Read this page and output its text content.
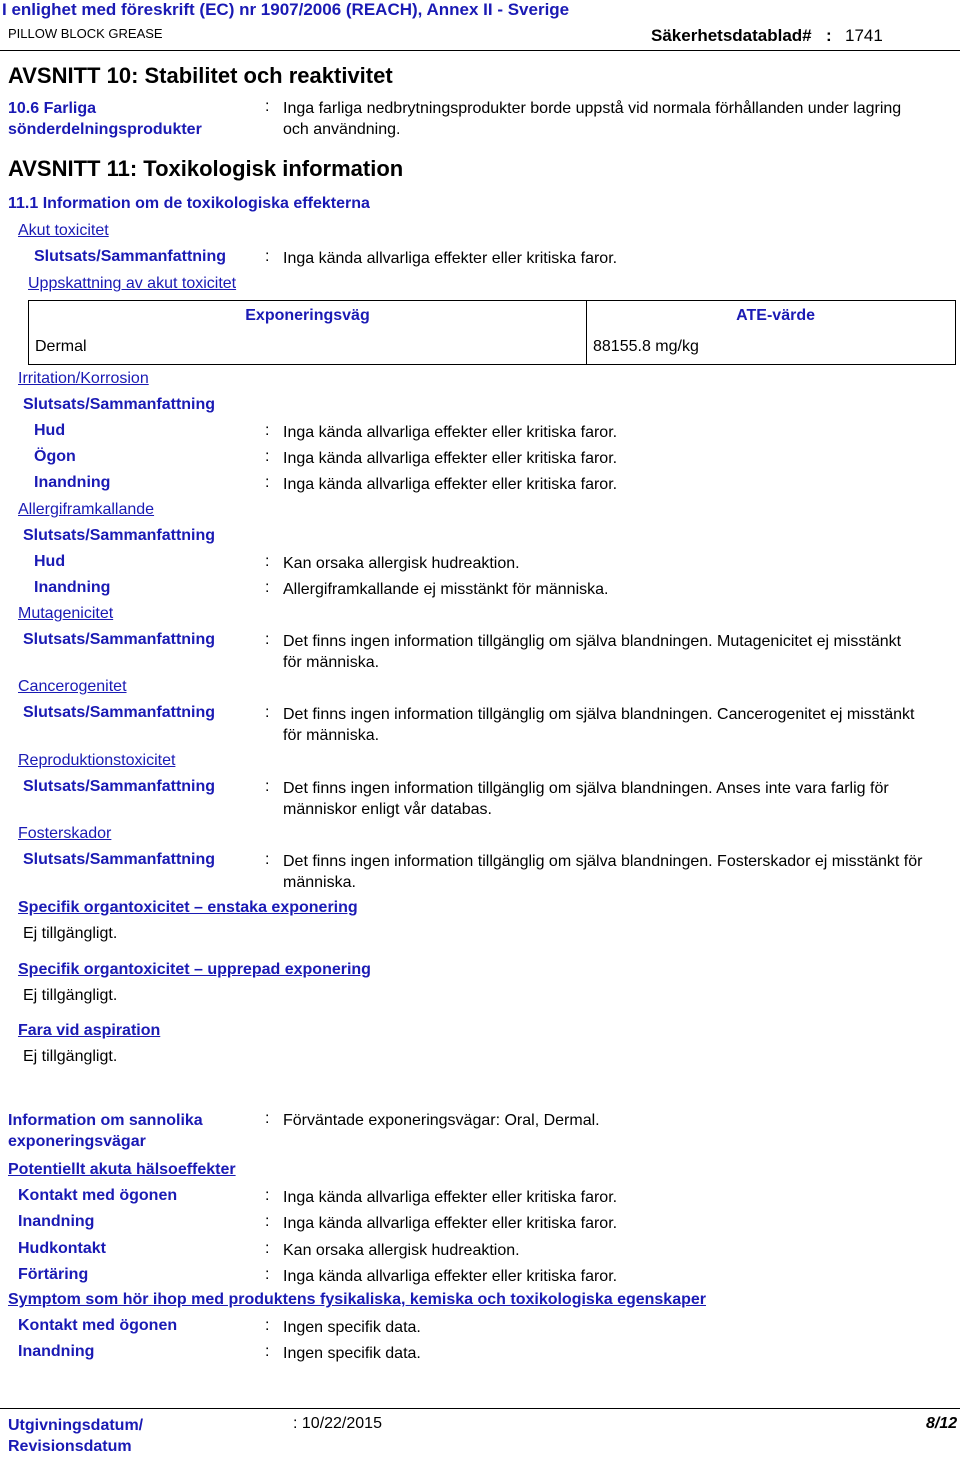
I enlighet med föreskrift (EC) nr 1907/2006 (REACH), Annex II - Sverige
PILLOW BLOCK GREASE	Säkerhetsdatablad# : 1741
AVSNITT 10: Stabilitet och reaktivitet
10.6 Farliga sönderdelningsprodukter
: Inga farliga nedbrytningsprodukter borde uppstå vid normala förhållanden under lagring och användning.
AVSNITT 11: Toxikologisk information
11.1 Information om de toxikologiska effekterna
Akut toxicitet
Slutsats/Sammanfattning : Inga kända allvarliga effekter eller kritiska faror.
Uppskattning av akut toxicitet
Exponeringsväg	ATE-värde
Dermal	88155.8 mg/kg
Irritation/Korrosion
Slutsats/Sammanfattning
Hud	: Inga kända allvarliga effekter eller kritiska faror.
Ögon	: Inga kända allvarliga effekter eller kritiska faror.
Inandning	: Inga kända allvarliga effekter eller kritiska faror.
Allergiframkallande
Slutsats/Sammanfattning
Hud	: Kan orsaka allergisk hudreaktion.
Inandning	: Allergiframkallande ej misstänkt för människa.
Mutagenicitet
Slutsats/Sammanfattning	: Det finns ingen information tillgänglig om själva blandningen. Mutagenicitet ej misstänkt för människa.
Cancerogenitet
Slutsats/Sammanfattning	: Det finns ingen information tillgänglig om själva blandningen. Cancerogenitet ej misstänkt för människa.
Reproduktionstoxicitet
Slutsats/Sammanfattning	: Det finns ingen information tillgänglig om själva blandningen. Anses inte vara farlig för människor enligt vår databas.
Fosterskador
Slutsats/Sammanfattning	: Det finns ingen information tillgänglig om själva blandningen. Fosterskador ej misstänkt för människa.
Specifik organtoxicitet – enstaka exponering
Ej tillgängligt.
Specifik organtoxicitet – upprepad exponering
Ej tillgängligt.
Fara vid aspiration
Ej tillgängligt.
Information om sannolika exponeringsvägar
: Förväntade exponeringsvägar: Oral, Dermal.
Potentiellt akuta hälsoeffekter
Kontakt med ögonen	: Inga kända allvarliga effekter eller kritiska faror.
Inandning	: Inga kända allvarliga effekter eller kritiska faror.
Hudkontakt	: Kan orsaka allergisk hudreaktion.
Förtäring	: Inga kända allvarliga effekter eller kritiska faror.
Symptom som hör ihop med produktens fysikaliska, kemiska och toxikologiska egenskaper
Kontakt med ögonen	: Ingen specifik data.
Inandning	: Ingen specifik data.
Utgivningsdatum/ Revisionsdatum
: 10/22/2015	8/12
